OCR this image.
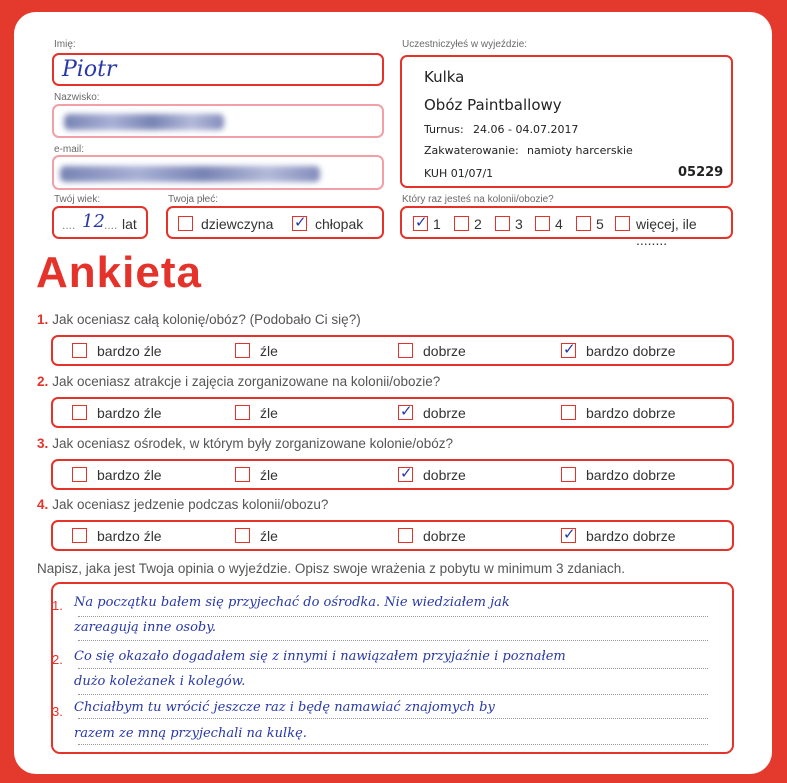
Imię:
Piotr
Nazwisko:
e-mail:
Twój wiek:
.... 12 .... lat
Twoja płeć:
dziewczyna ✓ chłopak
Uczestniczyłeś w wyjeździe:
Kulka
Obóz Paintballowy
Turnus: 24.06 - 04.07.2017
Zakwaterowanie: namioty harcerskie
KUH 01/07/1	05229
Który raz jesteś na kolonii/obozie?
✓ 1 2 3 4 5 więcej, ile ........
Ankieta
1. Jak oceniasz całą kolonię/obóz? (Podobało Ci się?)
bardzo źle	źle	dobrze	✓ bardzo dobrze
2. Jak oceniasz atrakcje i zajęcia zorganizowane na kolonii/obozie?
bardzo źle	źle	✓ dobrze	bardzo dobrze
3. Jak oceniasz ośrodek, w którym były zorganizowane kolonie/obóz?
bardzo źle	źle	✓ dobrze	bardzo dobrze
4. Jak oceniasz jedzenie podczas kolonii/obozu?
bardzo źle	źle	dobrze	✓ bardzo dobrze
Napisz, jaka jest Twoja opinia o wyjeździe. Opisz swoje wrażenia z pobytu w minimum 3 zdaniach.
1.
2.
3.
Na początku bałem się przyjechać do ośrodka. Nie wiedziałem jak
zareagują inne osoby.
Co się okazało dogadałem się z innymi i nawiązałem przyjaźnie i poznałem
dużo koleżanek i kolegów.
Chciałbym tu wrócić jeszcze raz i będę namawiać znajomych by
razem ze mną przyjechali na kulkę.
